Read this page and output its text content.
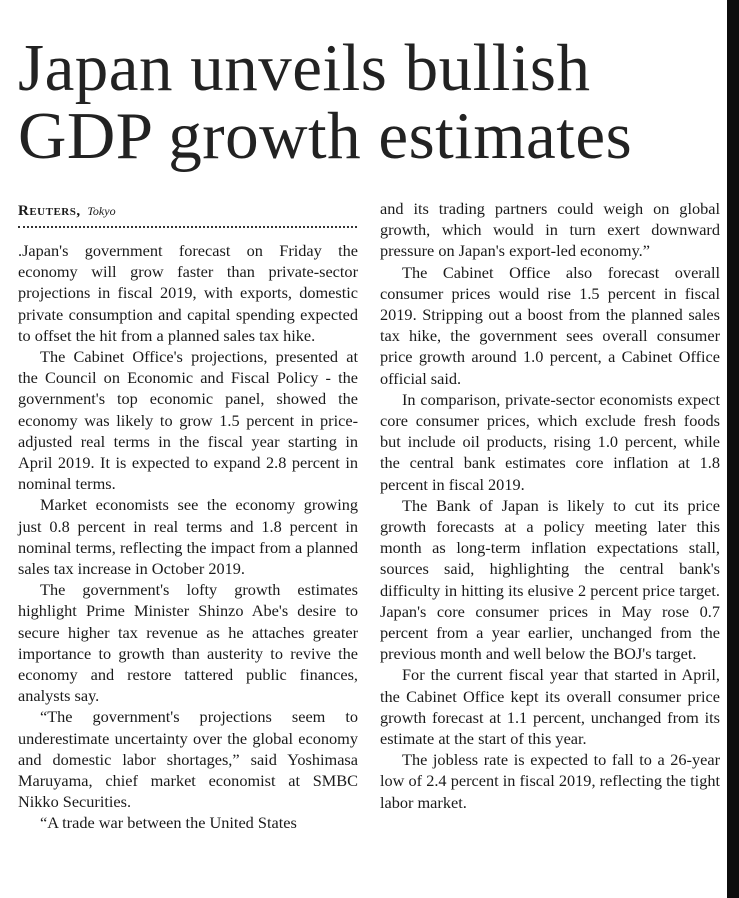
Japan unveils bullish
GDP growth estimates
Reuters, Tokyo

.Japan's government forecast on Friday the economy will grow faster than private-sector projections in fiscal 2019, with exports, domestic private consumption and capital spending expected to offset the hit from a planned sales tax hike.

The Cabinet Office's projections, presented at the Council on Economic and Fiscal Policy - the government's top economic panel, showed the economy was likely to grow 1.5 percent in price-adjusted real terms in the fiscal year starting in April 2019. It is expected to expand 2.8 percent in nominal terms.

Market economists see the economy growing just 0.8 percent in real terms and 1.8 percent in nominal terms, reflecting the impact from a planned sales tax increase in October 2019.

The government's lofty growth estimates highlight Prime Minister Shinzo Abe's desire to secure higher tax revenue as he attaches greater importance to growth than austerity to revive the economy and restore tattered public finances, analysts say.

“The government's projections seem to underestimate uncertainty over the global economy and domestic labor shortages,” said Yoshimasa Maruyama, chief market economist at SMBC Nikko Securities.

“A trade war between the United States

and its trading partners could weigh on global growth, which would in turn exert downward pressure on Japan's export-led economy.”

The Cabinet Office also forecast overall consumer prices would rise 1.5 percent in fiscal 2019. Stripping out a boost from the planned sales tax hike, the government sees overall consumer price growth around 1.0 percent, a Cabinet Office official said.

In comparison, private-sector economists expect core consumer prices, which exclude fresh foods but include oil products, rising 1.0 percent, while the central bank estimates core inflation at 1.8 percent in fiscal 2019.

The Bank of Japan is likely to cut its price growth forecasts at a policy meeting later this month as long-term inflation expectations stall, sources said, highlighting the central bank's difficulty in hitting its elusive 2 percent price target. Japan's core consumer prices in May rose 0.7 percent from a year earlier, unchanged from the previous month and well below the BOJ's target.

For the current fiscal year that started in April, the Cabinet Office kept its overall consumer price growth forecast at 1.1 percent, unchanged from its estimate at the start of this year.

The jobless rate is expected to fall to a 26-year low of 2.4 percent in fiscal 2019, reflecting the tight labor market.
